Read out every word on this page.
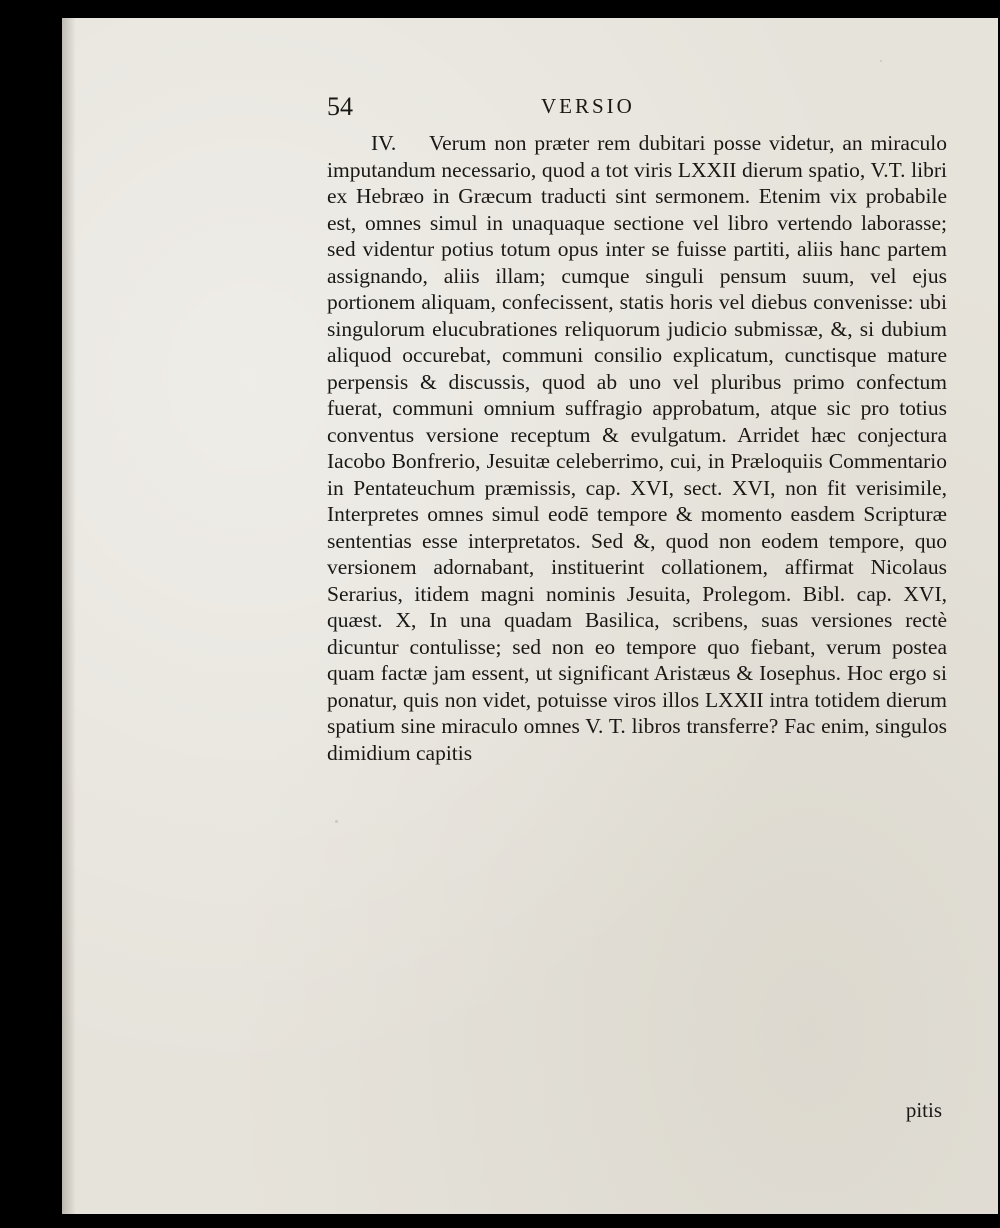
54	VERSIO

IV. Verum non præter rem dubitari posse videtur, an miraculo imputandum necessario, quod a tot viris LXXII dierum spatio, V.T. libri ex Hebræo in Græcum traducti sint sermonem. Etenim vix probabile est, omnes simul in unaquaque sectione vel libro vertendo laborasse; sed videntur potius totum opus inter se fuisse partiti, aliis hanc partem assignando, aliis illam; cumque singuli pensum suum, vel ejus portionem aliquam, confecissent, statis horis vel diebus convenisse: ubi singulorum elucubrationes reliquorum judicio submissæ, &, si dubium aliquod occurebat, communi consilio explicatum, cunctisque mature perpensis & discussis, quod ab uno vel pluribus primo confectum fuerat, communi omnium suffragio approbatum, atque sic pro totius conventus versione receptum & evulgatum. Arridet hæc conjectura Iacobo Bonfrerio, Jesuitæ celeberrimo, cui, in Præloquiis Commentario in Pentateuchum præmissis, cap. XVI, sect. XVI, non fit verisimile, Interpretes omnes simul eodē tempore & momento easdem Scripturæ sententias esse interpretatos. Sed &, quod non eodem tempore, quo versionem adornabant, instituerint collationem, affirmat Nicolaus Serarius, itidem magni nominis Jesuita, Prolegom. Bibl. cap. XVI, quæst. X, In una quadam Basilica, scribens, suas versiones rectè dicuntur contulisse; sed non eo tempore quo fiebant, verum postea quam factæ jam essent, ut significant Aristæus & Iosephus. Hoc ergo si ponatur, quis non videt, potuisse viros illos LXXII intra totidem dierum spatium sine miraculo omnes V. T. libros transferre? Fac enim, singulos dimidium capitis

pitis
